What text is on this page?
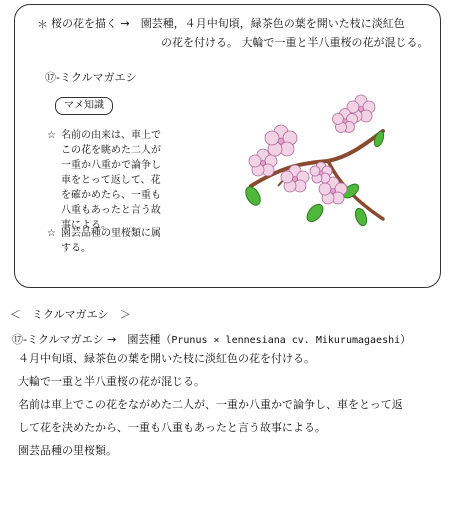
＊ 桜の花を描く →　園芸種，４月中旬頃，緑茶色の葉を開いた枝に淡紅色
の花を付ける。 大輪で一重と半八重桜の花が混じる。
⑰-ミクルマガエシ
マメ知識
☆ 名前の由来は、車上で
この花を眺めた二人が
一重か八重かで論争し
車をとって返して、花
を確かめたら、一重も
八重もあったと言う故
事による。
☆ 園芸品種の里桜類に属
する。
＜　ミクルマガエシ　＞
⑰-ミクルマガエシ →　園芸種（Prunus × lennesiana cv. Mikurumagaeshi）
４月中旬頃、緑茶色の葉を開いた枝に淡紅色の花を付ける。
大輪で一重と半八重桜の花が混じる。
名前は車上でこの花をながめた二人が、一重か八重かで論争し、車をとって返
して花を決めたから、一重も八重もあったと言う故事による。
園芸品種の里桜類。
